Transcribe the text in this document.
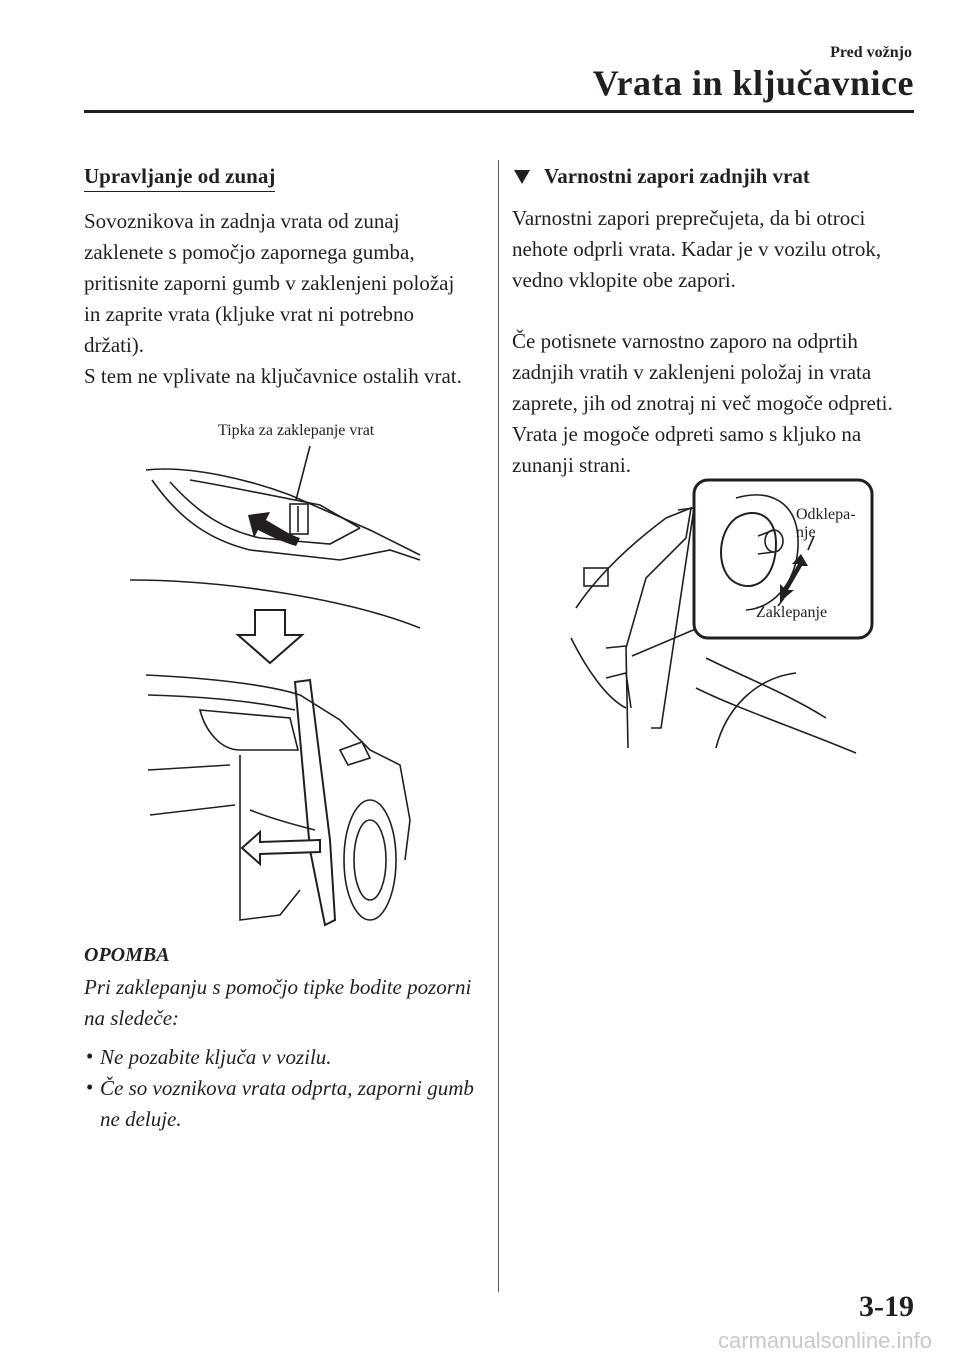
Pred vožnjo
Vrata in ključavnice
Upravljanje od zunaj

Sovoznikova in zadnja vrata od zunaj zaklenete s pomočjo zapornega gumba, pritisnite zaporni gumb v zaklenjeni položaj in zaprite vrata (kljuke vrat ni potrebno držati).

S tem ne vplivate na ključavnice ostalih vrat.

Tipka za zaklepanje vrat
OPOMBA
Pri zaklepanju s pomočjo tipke bodite pozorni na sledeče:
• Ne pozabite ključa v vozilu.
• Če so voznikova vrata odprta, zaporni gumb ne deluje.
Varnostni zapori zadnjih vrat

Varnostni zapori preprečujeta, da bi otroci nehote odprli vrata. Kadar je v vozilu otrok, vedno vklopite obe zapori.

Če potisnete varnostno zaporo na odprtih zadnjih vratih v zaklenjeni položaj in vrata zaprete, jih od znotraj ni več mogoče odpreti. Vrata je mogoče odpreti samo s kljuko na zunanji strani.

Odklepa-
nje
Zaklepanje
3-19
carmanualsonline.info
